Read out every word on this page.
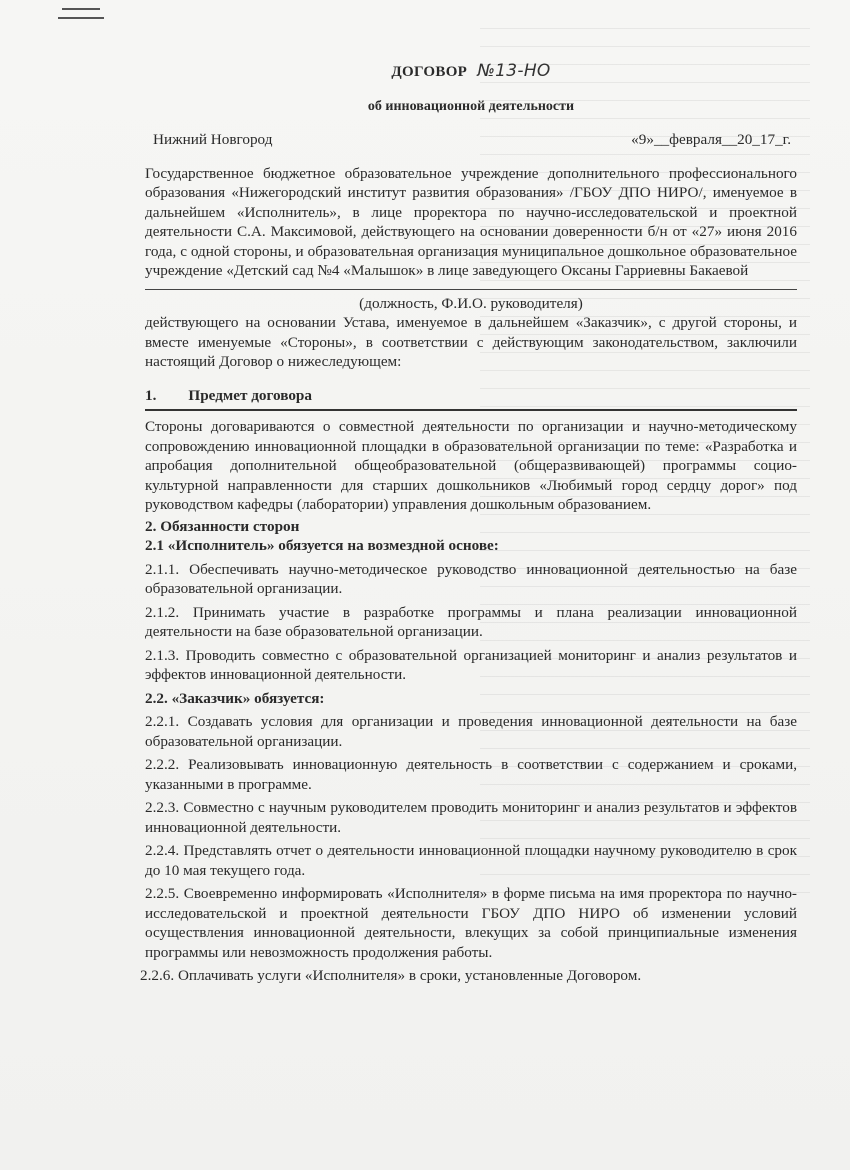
ДОГОВОР №13-НО
об инновационной деятельности
Нижний Новгород	«9»__февраля__20_17_г.

Государственное бюджетное образовательное учреждение дополнительного профессионального образования «Нижегородский институт развития образования» /ГБОУ ДПО НИРО/, именуемое в дальнейшем «Исполнитель», в лице проректора по научно-исследовательской и проектной деятельности С.А. Максимовой, действующего на основании доверенности б/н от «27» июня 2016 года, с одной стороны, и образовательная организация муниципальное дошкольное образовательное учреждение «Детский сад №4 «Малышок» в лице заведующего Оксаны Гарриевны Бакаевой

(должность, Ф.И.О. руководителя)

действующего на основании Устава, именуемое в дальнейшем «Заказчик», с другой стороны, и вместе именуемые «Стороны», в соответствии с действующим законодательством, заключили настоящий Договор о нижеследующем:

1. Предмет договора

Стороны договариваются о совместной деятельности по организации и научно-методическому сопровождению инновационной площадки в образовательной организации по теме: «Разработка и апробация дополнительной общеобразовательной (общеразвивающей) программы социо-культурной направленности для старших дошкольников «Любимый город сердцу дорог» под руководством кафедры (лаборатории) управления дошкольным образованием.

2. Обязанности сторон
2.1 «Исполнитель» обязуется на возмездной основе:

2.1.1. Обеспечивать научно-методическое руководство инновационной деятельностью на базе образовательной организации.

2.1.2. Принимать участие в разработке программы и плана реализации инновационной деятельности на базе образовательной организации.

2.1.3. Проводить совместно с образовательной организацией мониторинг и анализ результатов и эффектов инновационной деятельности.

2.2. «Заказчик» обязуется:

2.2.1. Создавать условия для организации и проведения инновационной деятельности на базе образовательной организации.

2.2.2. Реализовывать инновационную деятельность в соответствии с содержанием и сроками, указанными в программе.

2.2.3. Совместно с научным руководителем проводить мониторинг и анализ результатов и эффектов инновационной деятельности.

2.2.4. Представлять отчет о деятельности инновационной площадки научному руководителю в срок до 10 мая текущего года.

2.2.5. Своевременно информировать «Исполнителя» в форме письма на имя проректора по научно-исследовательской и проектной деятельности ГБОУ ДПО НИРО об изменении условий осуществления инновационной деятельности, влекущих за собой принципиальные изменения программы или невозможность продолжения работы.

2.2.6. Оплачивать услуги «Исполнителя» в сроки, установленные Договором.
